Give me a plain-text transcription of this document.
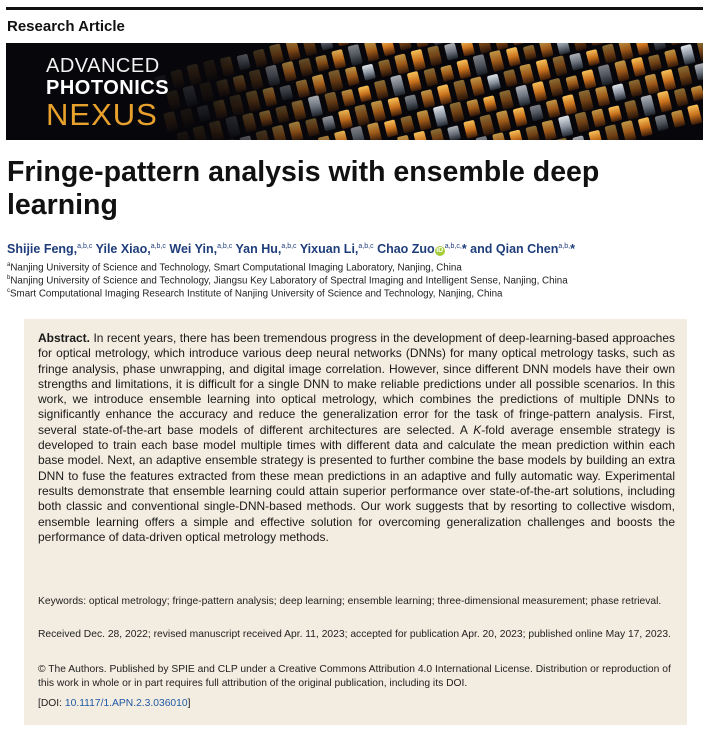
Research Article
ADVANCED
PHOTONICS
NEXUS
Fringe-pattern analysis with ensemble deep learning
Shijie Feng,$^{a,b,c}$ Yile Xiao,$^{a,b,c}$ Wei Yin,$^{a,b,c}$ Yan Hu,$^{a,b,c}$ Yixuan Li,$^{a,b,c}$ Chao Zuo $iD^{a,b,c,}*$ and Qian Chen$^{a,b,}$*
$^a$Nanjing University of Science and Technology, Smart Computational Imaging Laboratory, Nanjing, China
$^b$Nanjing University of Science and Technology, Jiangsu Key Laboratory of Spectral Imaging and Intelligent Sense, Nanjing, China
$^c$Smart Computational Imaging Research Institute of Nanjing University of Science and Technology, Nanjing, China
Abstract. In recent years, there has been tremendous progress in the development of deep-learning-based approaches for optical metrology, which introduce various deep neural networks (DNNs) for many optical metrology tasks, such as fringe analysis, phase unwrapping, and digital image correlation. However, since different DNN models have their own strengths and limitations, it is difficult for a single DNN to make reliable predictions under all possible scenarios. In this work, we introduce ensemble learning into optical metrology, which combines the predictions of multiple DNNs to significantly enhance the accuracy and reduce the generalization error for the task of fringe-pattern analysis. First, several state-of-the-art base models of different architectures are selected. A K-fold average ensemble strategy is developed to train each base model multiple times with different data and calculate the mean prediction within each base model. Next, an adaptive ensemble strategy is presented to further combine the base models by building an extra DNN to fuse the features extracted from these mean predictions in an adaptive and fully automatic way. Experimental results demonstrate that ensemble learning could attain superior performance over state-of-the-art solutions, including both classic and conventional single-DNN-based methods. Our work suggests that by resorting to collective wisdom, ensemble learning offers a simple and effective solution for overcoming generalization challenges and boosts the performance of data-driven optical metrology methods.
Keywords: optical metrology; fringe-pattern analysis; deep learning; ensemble learning; three-dimensional measurement; phase retrieval.
Received Dec. 28, 2022; revised manuscript received Apr. 11, 2023; accepted for publication Apr. 20, 2023; published online May 17, 2023.
© The Authors. Published by SPIE and CLP under a Creative Commons Attribution 4.0 International License. Distribution or reproduction of this work in whole or in part requires full attribution of the original publication, including its DOI.
[DOI: 10.1117/1.APN.2.3.036010]
